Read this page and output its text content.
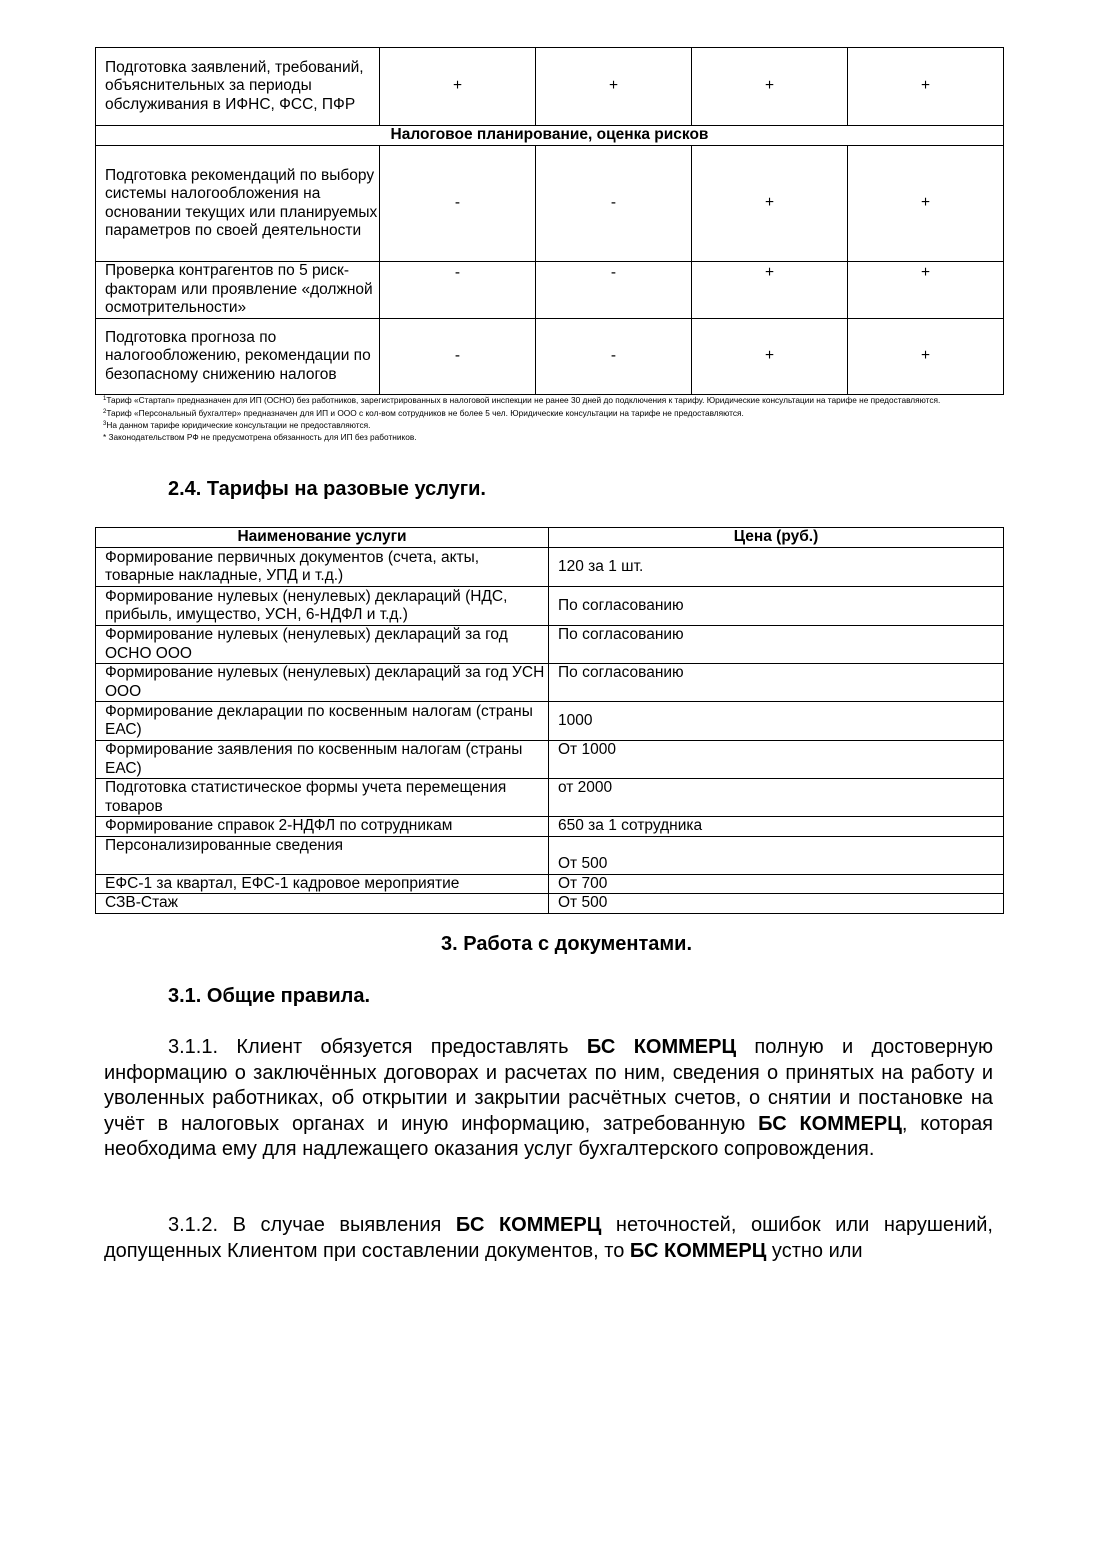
Подготовка заявлений, требований, объяснительных за периоды обслуживания в ИФНС, ФСС, ПФР	+	+	+	+
Налоговое планирование, оценка рисков				
Подготовка рекомендаций по выбору системы налогообложения на основании текущих или планируемых параметров по своей деятельности	-	-	+	+
Проверка контрагентов по 5 риск-факторам или проявление «должной осмотрительности»	-	-	+	+
Подготовка прогноза по налогообложению, рекомендации по безопасному снижению налогов	-	-	+	+
$^1$Тариф «Стартап» предназначен для ИП (ОСНО) без работников, зарегистрированных в налоговой инспекции не ранее 30 дней до подключения к тарифу. Юридические консультации на тарифе не предоставляются.
$^2$Тариф «Персональный бухгалтер» предназначен для ИП и ООО с кол-вом сотрудников не более 5 чел. Юридические консультации на тарифе не предоставляются.
$^3$На данном тарифе юридические консультации не предоставляются.
* Законодательством РФ не предусмотрена обязанность для ИП без работников.
2.4. Тарифы на разовые услуги.
Наименование услуги	Цена (руб.)
Формирование первичных документов (счета, акты, товарные накладные, УПД и т.д.)	120 за 1 шт.
Формирование нулевых (ненулевых) деклараций (НДС, прибыль, имущество, УСН, 6-НДФЛ и т.д.)	По согласованию
Формирование нулевых (ненулевых) деклараций за год ОСНО ООО	По согласованию
Формирование нулевых (ненулевых) деклараций за год УСН ООО	По согласованию
Формирование декларации по косвенным налогам (страны ЕАС)	1000
Формирование заявления по косвенным налогам (страны ЕАС)	От 1000
Подготовка статистическое формы учета перемещения товаров	от 2000
Формирование справок 2-НДФЛ по сотрудникам	650 за 1 сотрудника
Персонализированные сведения	От 500
ЕФС-1 за квартал, ЕФС-1 кадровое мероприятие	От 700
СЗВ-Стаж	От 500
3. Работа с документами.
3.1. Общие правила.

3.1.1. Клиент обязуется предоставлять БС КОММЕРЦ полную и достоверную информацию о заключённых договорах и расчетах по ним, сведения о принятых на работу и уволенных работниках, об открытии и закрытии расчётных счетов, о снятии и постановке на учёт в налоговых органах и иную информацию, затребованную БС КОММЕРЦ, которая необходима ему для надлежащего оказания услуг бухгалтерского сопровождения.

3.1.2. В случае выявления БС КОММЕРЦ неточностей, ошибок или нарушений, допущенных Клиентом при составлении документов, то БС КОММЕРЦ устно или
